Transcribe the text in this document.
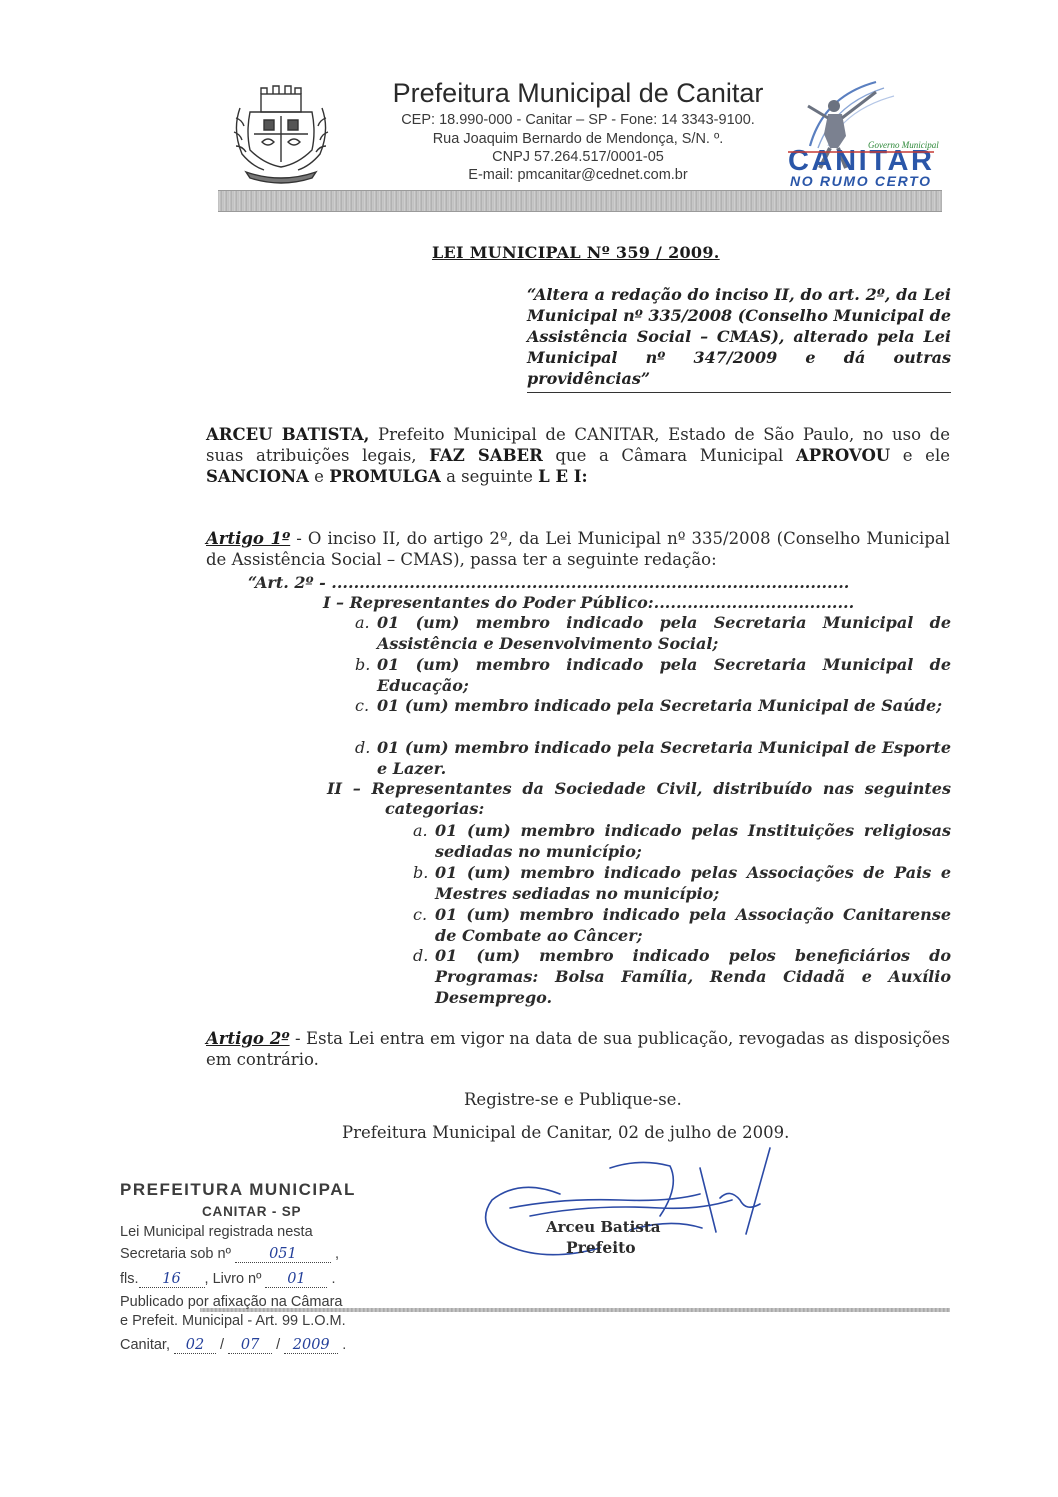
Prefeitura Municipal de Canitar
CEP: 18.990-000 - Canitar – SP - Fone: 14 3343-9100.
Rua Joaquim Bernardo de Mendonça, S/N. º.
CNPJ 57.264.517/0001-05
E-mail: pmcanitar@cednet.com.br
Governo Municipal
CANITAR
NO RUMO CERTO
LEI MUNICIPAL Nº 359 / 2009.

“Altera a redação do inciso II, do art. 2º, da Lei Municipal nº 335/2008 (Conselho Municipal de Assistência Social – CMAS), alterado pela Lei Municipal nº 347/2009 e dá outras providências”

ARCEU BATISTA, Prefeito Municipal de CANITAR, Estado de São Paulo, no uso de suas atribuições legais, FAZ SABER que a Câmara Municipal APROVOU e ele SANCIONA e PROMULGA a seguinte L E I:

Artigo 1º - O inciso II, do artigo 2º, da Lei Municipal nº 335/2008 (Conselho Municipal de Assistência Social – CMAS), passa ter a seguinte redação:

“Art. 2º - .............................................................................................

I – Representantes do Poder Público:....................................

a. 01 (um) membro indicado pela Secretaria Municipal de Assistência e Desenvolvimento Social;
b. 01 (um) membro indicado pela Secretaria Municipal de Educação;
c. 01 (um) membro indicado pela Secretaria Municipal de Saúde;
d. 01 (um) membro indicado pela Secretaria Municipal de Esporte e Lazer.

II – Representantes da Sociedade Civil, distribuído nas seguintes

categorias:

a. 01 (um) membro indicado pelas Instituições religiosas sediadas no município;
b. 01 (um) membro indicado pelas Associações de Pais e Mestres sediadas no município;
c. 01 (um) membro indicado pela Associação Canitarense de Combate ao Câncer;
d. 01 (um) membro indicado pelos beneficiários do Programas: Bolsa Família, Renda Cidadã e Auxílio Desemprego.

Artigo 2º - Esta Lei entra em vigor na data de sua publicação, revogadas as disposições em contrário.

Registre-se e Publique-se.
Prefeitura Municipal de Canitar, 02 de julho de 2009.
Arceu Batista
Prefeito
PREFEITURA MUNICIPAL
CANITAR - SP
Lei Municipal registrada nesta
Secretaria sob nº	051 ,
fls. 16 , Livro nº 01 .
Publicado por afixação na Câmara
e Prefeit. Municipal - Art. 99 L.O.M.
Canitar, 02 / 07 / 2009 .
